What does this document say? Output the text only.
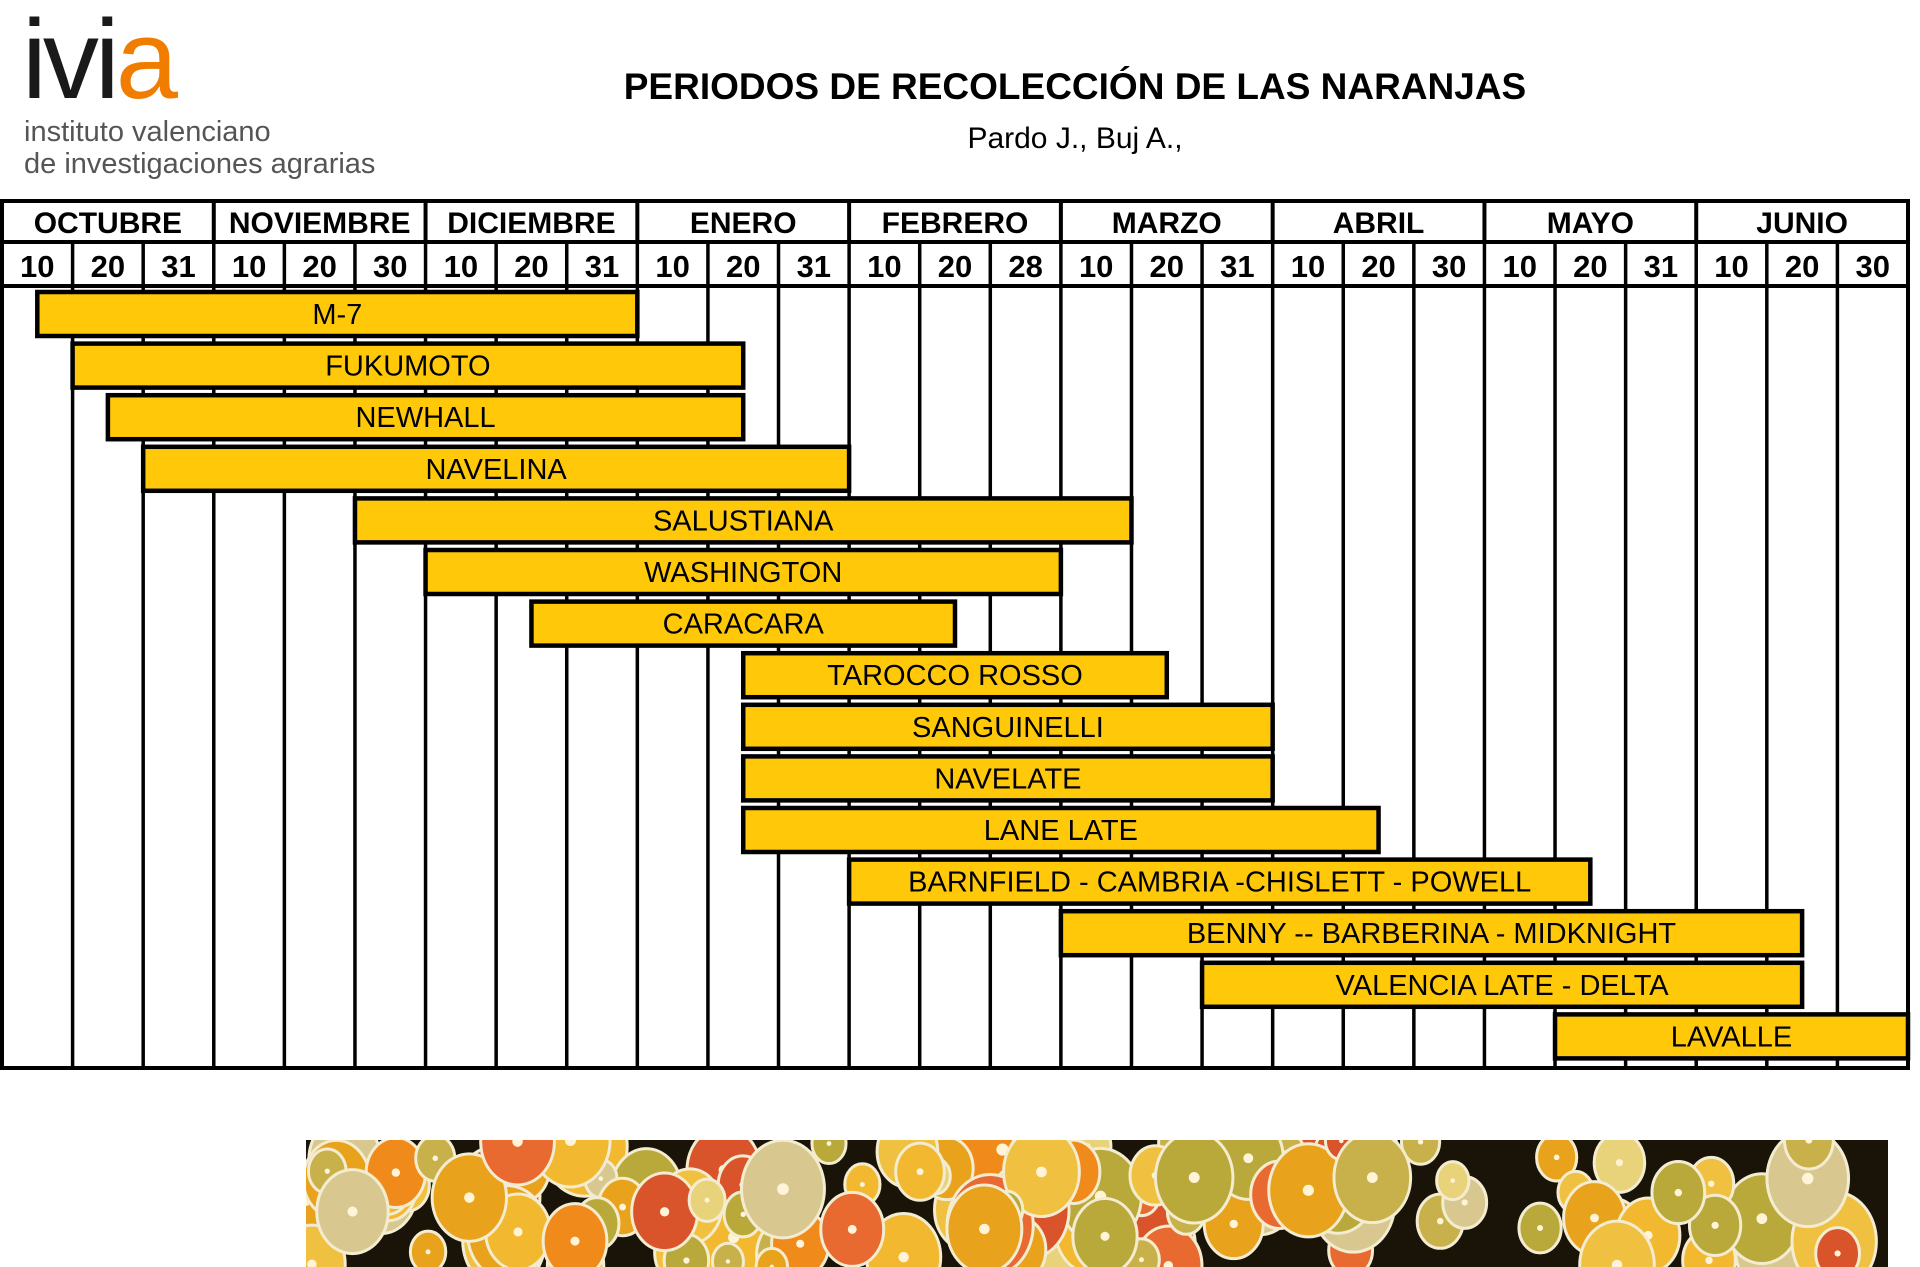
ivia
instituto valenciano
de investigaciones agrarias
PERIODOS DE RECOLECCIÓN DE LAS NARANJAS
Pardo J., Buj A.,
OCTUBRE
10 20 31
NOVIEMBRE
10 20 30
DICIEMBRE
10 20 31
ENERO
10 20 31
FEBRERO
10 20 28
MARZO
10 20 31
ABRIL
10 20 30
MAYO
10 20 31
JUNIO
10 20 30
M-7
FUKUMOTO
NEWHALL
NAVELINA
SALUSTIANA
WASHINGTON
CARACARA
TAROCCO ROSSO
SANGUINELLI
NAVELATE
LANE LATE
BARNFIELD - CAMBRIA -CHISLETT - POWELL
BENNY -- BARBERINA - MIDKNIGHT
VALENCIA LATE - DELTA
LAVALLE
